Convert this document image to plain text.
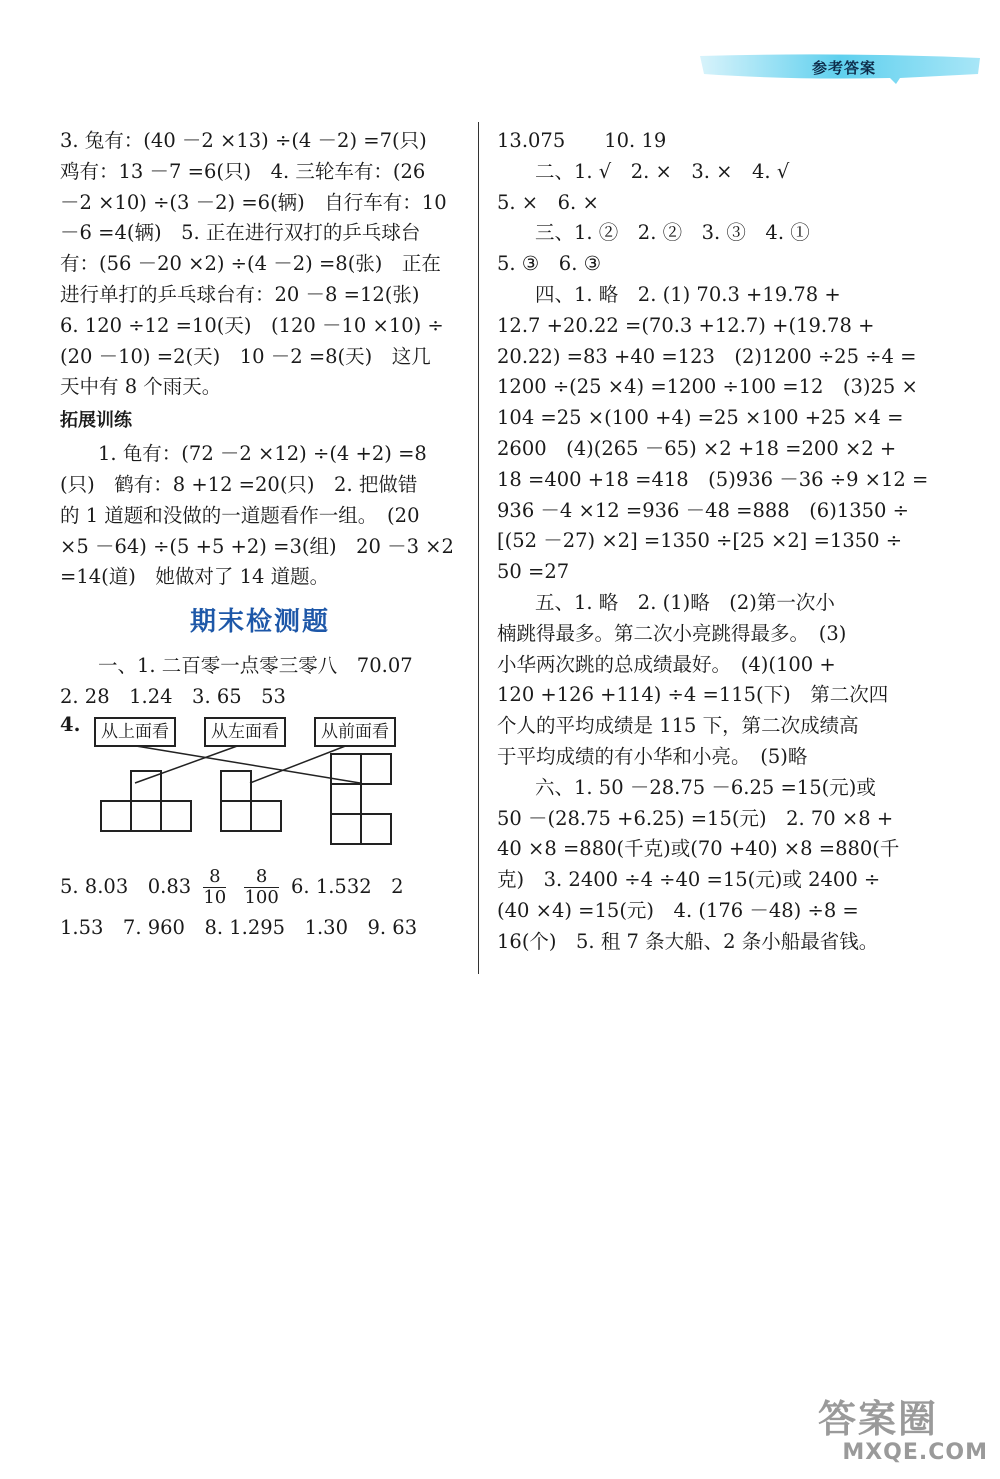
参考答案
3. 兔有：(40 －2 ×13) ÷(4 －2) =7(只)
鸡有：13 －7 =6(只)　4. 三轮车有：(26
－2 ×10) ÷(3 －2) =6(辆)　自行车有：10
－6 =4(辆)　5. 正在进行双打的乒乓球台
有：(56 －20 ×2) ÷(4 －2) =8(张)　正在
进行单打的乒乓球台有：20 －8 =12(张)
6. 120 ÷12 =10(天)　(120 －10 ×10) ÷
(20 －10) =2(天)　10 －2 =8(天)　这几
天中有 8 个雨天。
拓展训练
1. 龟有：(72 －2 ×12) ÷(4 +2) =8
(只)　鹤有：8 +12 =20(只)　2. 把做错
的 1 道题和没做的一道题看作一组。　(20
×5 －64) ÷(5 +5 +2) =3(组)　20 －3 ×2
=14(道)　她做对了 14 道题。
期末检测题
一、1. 二百零一点零三零八　70.07
2. 28　1.24　3. 65　53
4.	从上面看	从左面看	从前面看
5. 8.03　$0.83 \frac{8}{10}$
$\frac{8}{100} 6$. 1.532　2
1.53　7. 960　8. 1.295　1.30　9. 63
13.075　　10. 19
二、1. √　2. ×　3. ×　4. √
5. ×　6. ×
三、1. ②　2. ②　3. ③　4. ①
5. ③　6. ③
四、1. 略　2. (1) 70.3 +19.78 +
12.7 +20.22 =(70.3 +12.7) +(19.78 +
20.22) =83 +40 =123　(2)1200 ÷25 ÷4 =
1200 ÷(25 ×4) =1200 ÷100 =12　(3)25 ×
104 =25 ×(100 +4) =25 ×100 +25 ×4 =
2600　(4)(265 －65) ×2 +18 =200 ×2 +
18 =400 +18 =418　(5)936 －36 ÷9 ×12 =
936 －4 ×12 =936 －48 =888　(6)1350 ÷
[(52 －27) ×2] =1350 ÷[25 ×2] =1350 ÷
50 =27
五、1. 略　2. (1)略　(2)第一次小
楠跳得最多。第二次小亮跳得最多。　(3)
小华两次跳的总成绩最好。　(4)(100 +
120 +126 +114) ÷4 =115(下)　第二次四
个人的平均成绩是 115 下，第二次成绩高
于平均成绩的有小华和小亮。　(5)略
六、1. 50 －28.75 －6.25 =15(元)或
50 －(28.75 +6.25) =15(元)　2. 70 ×8 +
40 ×8 =880(千克)或(70 +40) ×8 =880(千
克)　3. 2400 ÷4 ÷40 =15(元)或 2400 ÷
(40 ×4) =15(元)　4. (176 －48) ÷8 =
16(个)　5. 租 7 条大船、2 条小船最省钱。
答案圈
MXQE.COM
